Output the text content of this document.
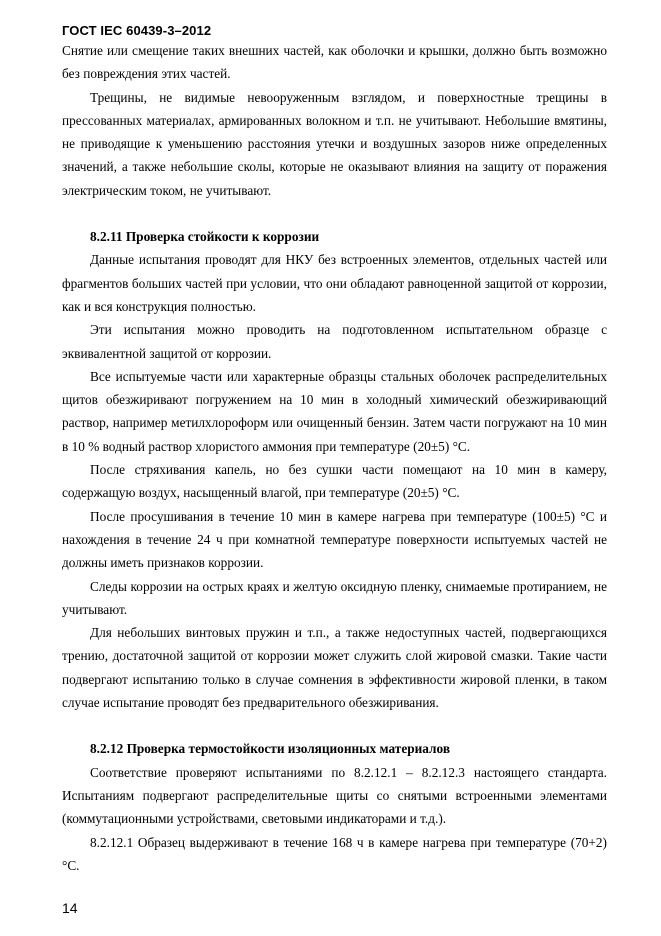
ГОСТ IEC 60439-3–2012

Снятие или смещение таких внешних частей, как оболочки и крышки, должно быть возможно без повреждения этих частей.

Трещины, не видимые невооруженным взглядом, и поверхностные трещины в прессованных материалах, армированных волокном и т.п. не учитывают. Небольшие вмятины, не приводящие к уменьшению расстояния утечки и воздушных зазоров ниже определенных значений, а также небольшие сколы, которые не оказывают влияния на защиту от поражения электрическим током, не учитывают.

8.2.11 Проверка стойкости к коррозии

Данные испытания проводят для НКУ без встроенных элементов, отдельных частей или фрагментов больших частей при условии, что они обладают равноценной защитой от коррозии, как и вся конструкция полностью.

Эти испытания можно проводить на подготовленном испытательном образце с эквивалентной защитой от коррозии.

Все испытуемые части или характерные образцы стальных оболочек распределительных щитов обезжиривают погружением на 10 мин в холодный химический обезжиривающий раствор, например метилхлороформ или очищенный бензин. Затем части погружают на 10 мин в 10 % водный раствор хлористого аммония при температуре (20±5) °С.

После стряхивания капель, но без сушки части помещают на 10 мин в камеру, содержащую воздух, насыщенный влагой, при температуре (20±5) °С.

После просушивания в течение 10 мин в камере нагрева при температуре (100±5) °С и нахождения в течение 24 ч при комнатной температуре поверхности испытуемых частей не должны иметь признаков коррозии.

Следы коррозии на острых краях и желтую оксидную пленку, снимаемые протиранием, не учитывают.

Для небольших винтовых пружин и т.п., а также недоступных частей, подвергающихся трению, достаточной защитой от коррозии может служить слой жировой смазки. Такие части подвергают испытанию только в случае сомнения в эффективности жировой пленки, в таком случае испытание проводят без предварительного обезжиривания.

8.2.12 Проверка термостойкости изоляционных материалов

Соответствие проверяют испытаниями по 8.2.12.1 – 8.2.12.3 настоящего стандарта. Испытаниям подвергают распределительные щиты со снятыми встроенными элементами (коммутационными устройствами, световыми индикаторами и т.д.).

8.2.12.1 Образец выдерживают в течение 168 ч в камере нагрева при температуре (70+2) °С.

14
